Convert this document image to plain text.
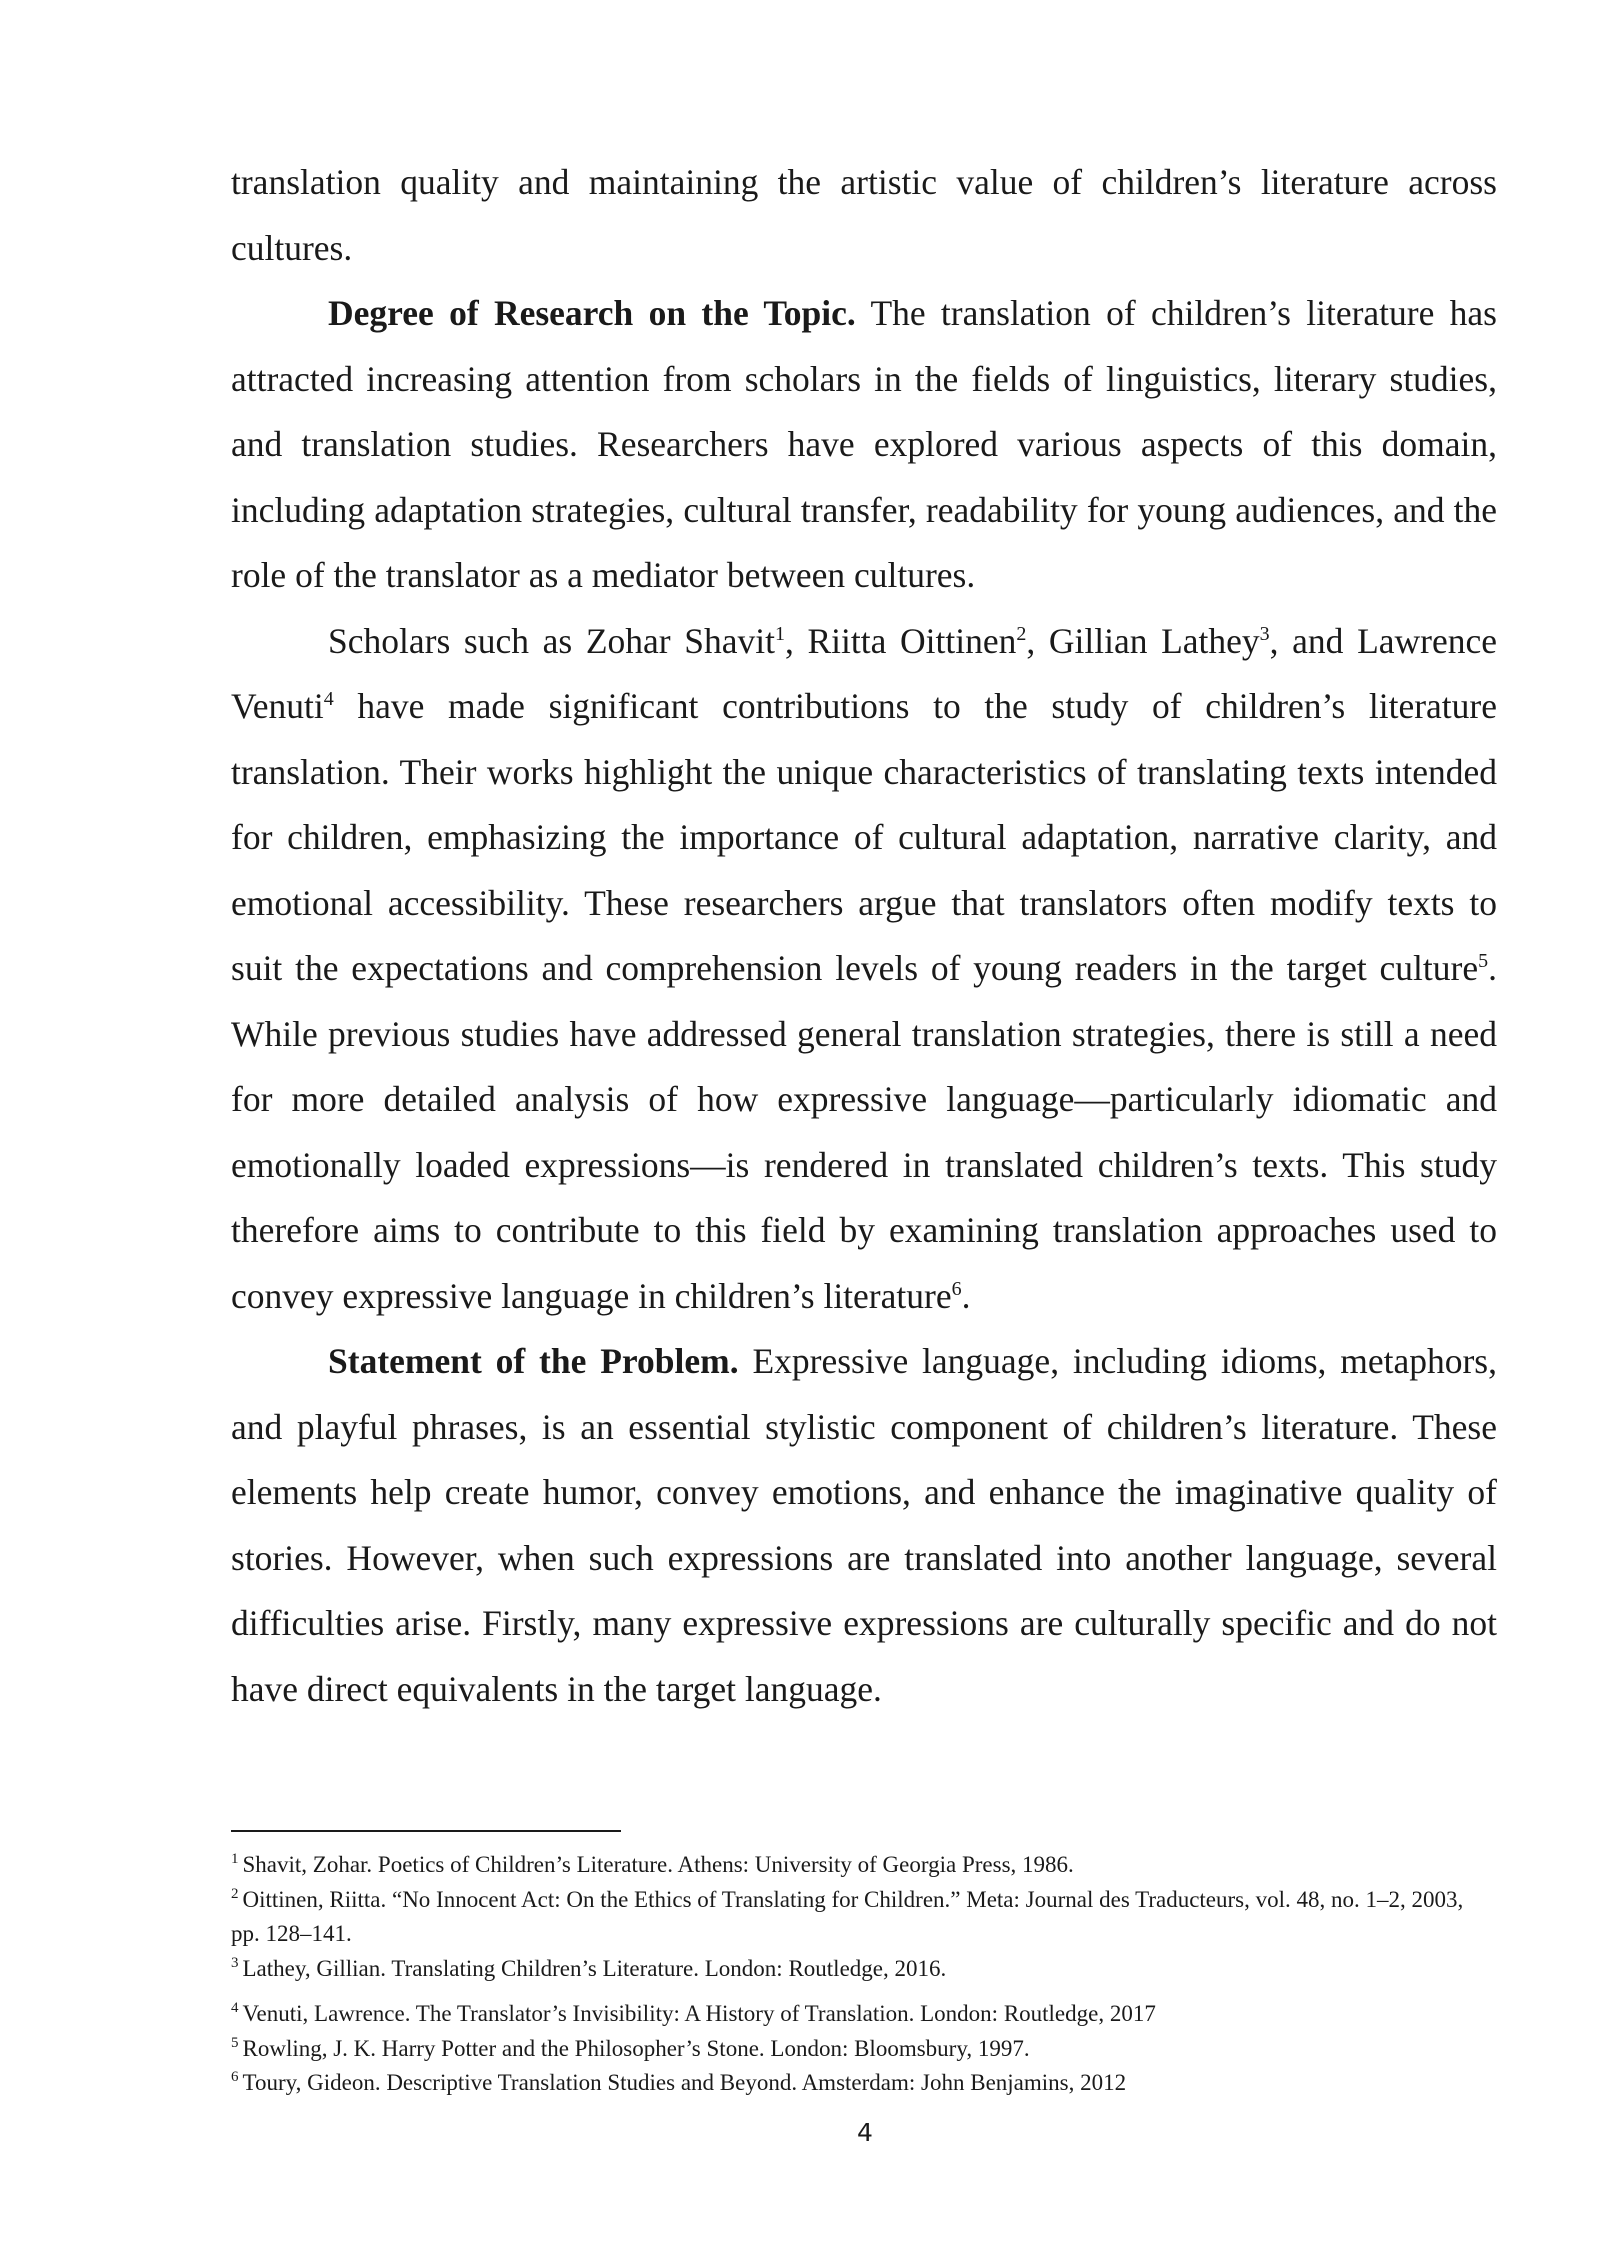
translation quality and maintaining the artistic value of children’s literature across cultures.

Degree of Research on the Topic. The translation of children’s literature has attracted increasing attention from scholars in the fields of linguistics, literary studies, and translation studies. Researchers have explored various aspects of this domain, including adaptation strategies, cultural transfer, readability for young audiences, and the role of the translator as a mediator between cultures.

Scholars such as Zohar Shavit$^1$, Riitta Oittinen$^2$, Gillian Lathey$^3$, and Lawrence Venuti$^4$ have made significant contributions to the study of children’s literature translation. Their works highlight the unique characteristics of translating texts intended for children, emphasizing the importance of cultural adaptation, narrative clarity, and emotional accessibility. These researchers argue that translators often modify texts to suit the expectations and comprehension levels of young readers in the target culture$^5$. While previous studies have addressed general translation strategies, there is still a need for more detailed analysis of how expressive language—particularly idiomatic and emotionally loaded expressions—is rendered in translated children’s texts. This study therefore aims to contribute to this field by examining translation approaches used to convey expressive language in children’s literature$^6$.

Statement of the Problem. Expressive language, including idioms, metaphors, and playful phrases, is an essential stylistic component of children’s literature. These elements help create humor, convey emotions, and enhance the imaginative quality of stories. However, when such expressions are translated into another language, several difficulties arise. Firstly, many expressive expressions are culturally specific and do not have direct equivalents in the target language.

$^1$ Shavit, Zohar. Poetics of Children’s Literature. Athens: University of Georgia Press, 1986.

$^2$ Oittinen, Riitta. “No Innocent Act: On the Ethics of Translating for Children.” Meta: Journal des Traducteurs, vol. 48, no. 1–2, 2003, pp. 128–141.

$^3$ Lathey, Gillian. Translating Children’s Literature. London: Routledge, 2016.

$^4$ Venuti, Lawrence. The Translator’s Invisibility: A History of Translation. London: Routledge, 2017

$^5$ Rowling, J. K. Harry Potter and the Philosopher’s Stone. London: Bloomsbury, 1997.

$^6$ Toury, Gideon. Descriptive Translation Studies and Beyond. Amsterdam: John Benjamins, 2012

4
